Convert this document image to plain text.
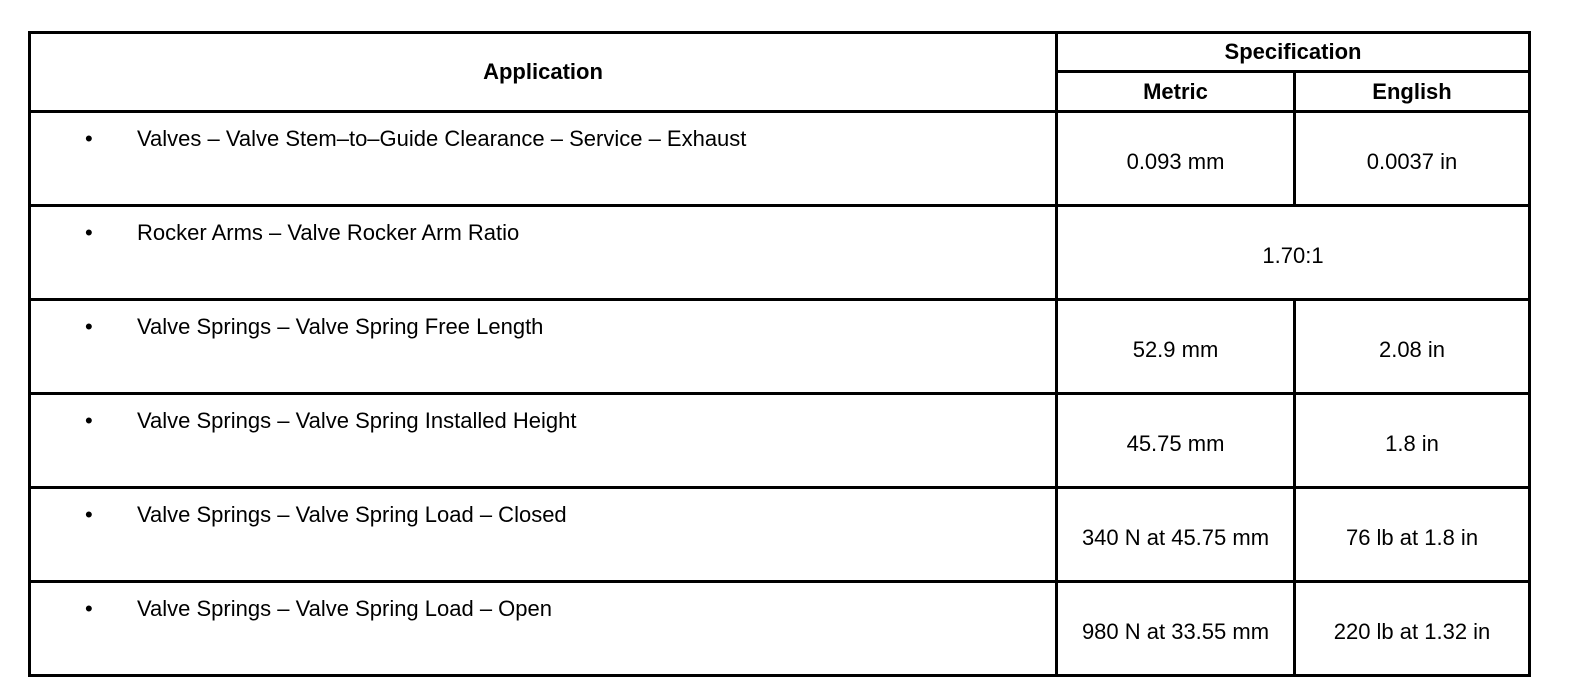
Application	Specification	
	Metric	English

• Valves – Valve Stem–to–Guide Clearance – Service – Exhaust	0.093 mm	0.0037 in

• Rocker Arms – Valve Rocker Arm Ratio	1.70:1	

• Valve Springs – Valve Spring Free Length	52.9 mm	2.08 in

• Valve Springs – Valve Spring Installed Height	45.75 mm	1.8 in

• Valve Springs – Valve Spring Load – Closed	340 N at 45.75 mm	76 lb at 1.8 in

• Valve Springs – Valve Spring Load – Open	980 N at 33.55 mm	220 lb at 1.32 in
